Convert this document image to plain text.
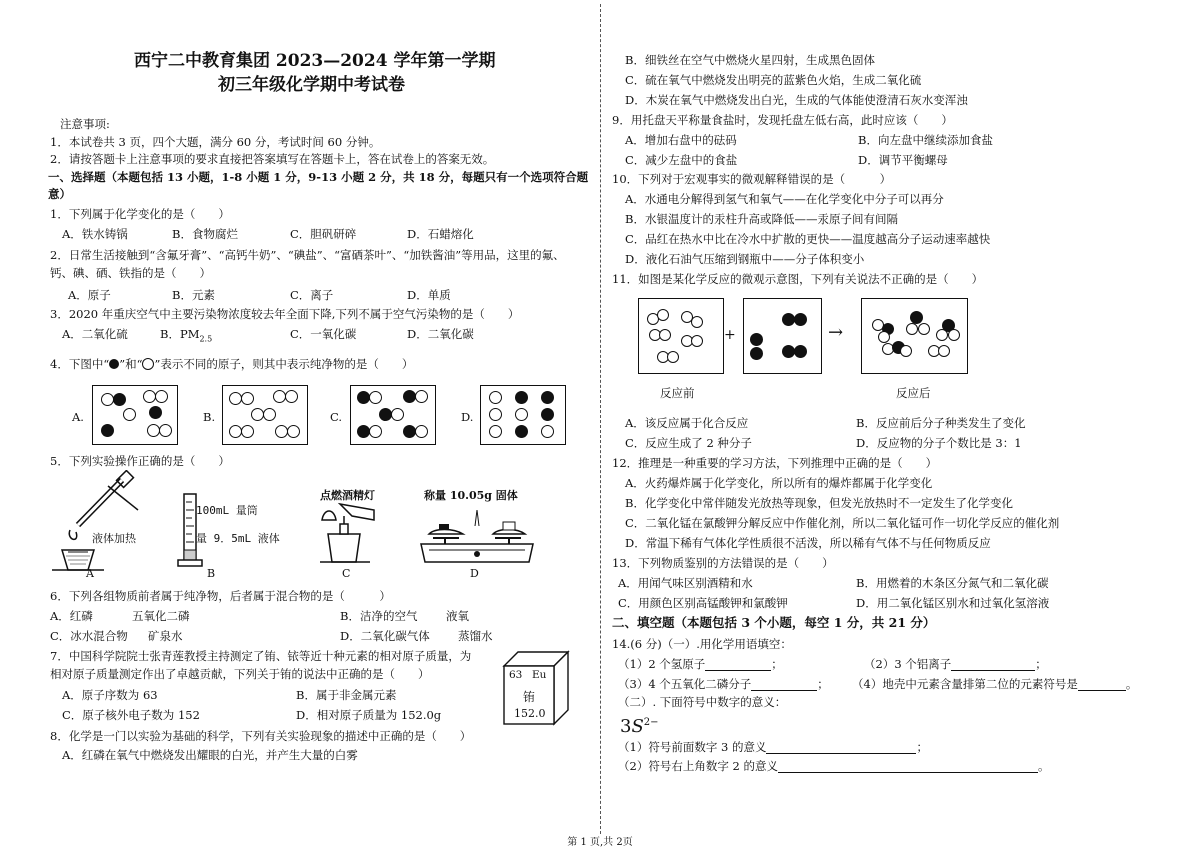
西宁二中教育集团 2023—2024 学年第一学期
初三年级化学期中考试卷
注意事项:
1．本试卷共 3 页，四个大题，满分 60 分，考试时间 60 分钟。
2．请按答题卡上注意事项的要求直接把答案填写在答题卡上，答在试卷上的答案无效。
一、选择题（本题包括 13 小题，1-8 小题 1 分，9-13 小题 2 分，共 18 分，每题只有一个选项符合题
意）
1．下列属于化学变化的是（　　）
A．铁水铸锅	B．食物腐烂	C．胆矾研碎	D．石蜡熔化
2．日常生活接触到“含氟牙膏”、“高钙牛奶”、“碘盐”、“富硒茶叶”、“加铁酱油”等用品，这里的氟、
钙、碘、硒、铁指的是（　　）
A．原子	B．元素	C．离子	D．单质
3．2020 年重庆空气中主要污染物浓度较去年全面下降,下列不属于空气污染物的是（　　）
A．二氧化硫	B．$PM_{2.5}$	C．一氧化碳	D．二氧化碳
4．下图中“ ”和“ ”表示不同的原子，则其中表示纯净物的是（　　）
A.	B.	C.	D.
5．下列实验操作正确的是（　　）
液体加热
A
100mL 量筒
量 9．5mL 液体
B
点燃酒精灯
C
称量 10.05g 固体
D
6．下列各组物质前者属于纯净物，后者属于混合物的是（　　　）
A．红磷	五氧化二磷	B．洁净的空气 液氧
C．冰水混合物 矿泉水	D．二氧化碳气体 蒸馏水
7．中国科学院院士张青莲教授主持测定了铕、铱等近十种元素的相对原子质量，为
相对原子质量测定作出了卓越贡献，下列关于铕的说法中正确的是（　　）
A．原子序数为 63	B．属于非金属元素
C．原子核外电子数为 152	D．相对原子质量为 152.0g
63 Eu
铕
152.0
8．化学是一门以实验为基础的科学，下列有关实验现象的描述中正确的是（　　）
A．红磷在氧气中燃烧发出耀眼的白光，并产生大量的白雾
B．细铁丝在空气中燃烧火星四射，生成黑色固体
C．硫在氧气中燃烧发出明亮的蓝紫色火焰，生成二氧化硫
D．木炭在氧气中燃烧发出白光，生成的气体能使澄清石灰水变浑浊
9．用托盘天平称量食盐时，发现托盘左低右高，此时应该（　　）
A．增加右盘中的砝码	B．向左盘中继续添加食盐
C．减少左盘中的食盐	D．调节平衡螺母
10．下列对于宏观事实的微观解释错误的是（　　　）
A．水通电分解得到氢气和氧气——在化学变化中分子可以再分
B．水银温度计的汞柱升高或降低——汞原子间有间隔
C．品红在热水中比在冷水中扩散的更快——温度越高分子运动速率越快
D．液化石油气压缩到钢瓶中——分子体积变小
11．如图是某化学反应的微观示意图，下列有关说法不正确的是（　　）
+	→
反应前	反应后
A．该反应属于化合反应	B．反应前后分子种类发生了变化
C．反应生成了 2 种分子	D．反应物的分子个数比是 3：1
12．推理是一种重要的学习方法，下列推理中正确的是（　　）
A．火药爆炸属于化学变化，所以所有的爆炸都属于化学变化
B．化学变化中常伴随发光放热等现象，但发光放热时不一定发生了化学变化
C．二氧化锰在氯酸钾分解反应中作催化剂，所以二氧化锰可作一切化学反应的催化剂
D．常温下稀有气体化学性质很不活泼，所以稀有气体不与任何物质反应
13．下列物质鉴别的方法错误的是（　　）
A．用闻气味区别酒精和水	B．用燃着的木条区分氮气和二氧化碳
C．用颜色区别高锰酸钾和氯酸钾	D．用二氧化锰区别水和过氧化氢溶液
二、填空题（本题包括 3 个小题，每空 1 分，共 21 分）
14.(6 分)（一）.用化学用语填空：
（1）2 个氢原子	；	（2）3 个铝离子	；
（3）4 个五氧化二磷分子	； （4）地壳中元素含量排第二位的元素符号是	。
（二）. 下面符号中数字的意义：
$3S^{2-}$
（1）符号前面数字 3 的意义	；
（2）符号右上角数字 2 的意义	。
第 1 页,共 2页
